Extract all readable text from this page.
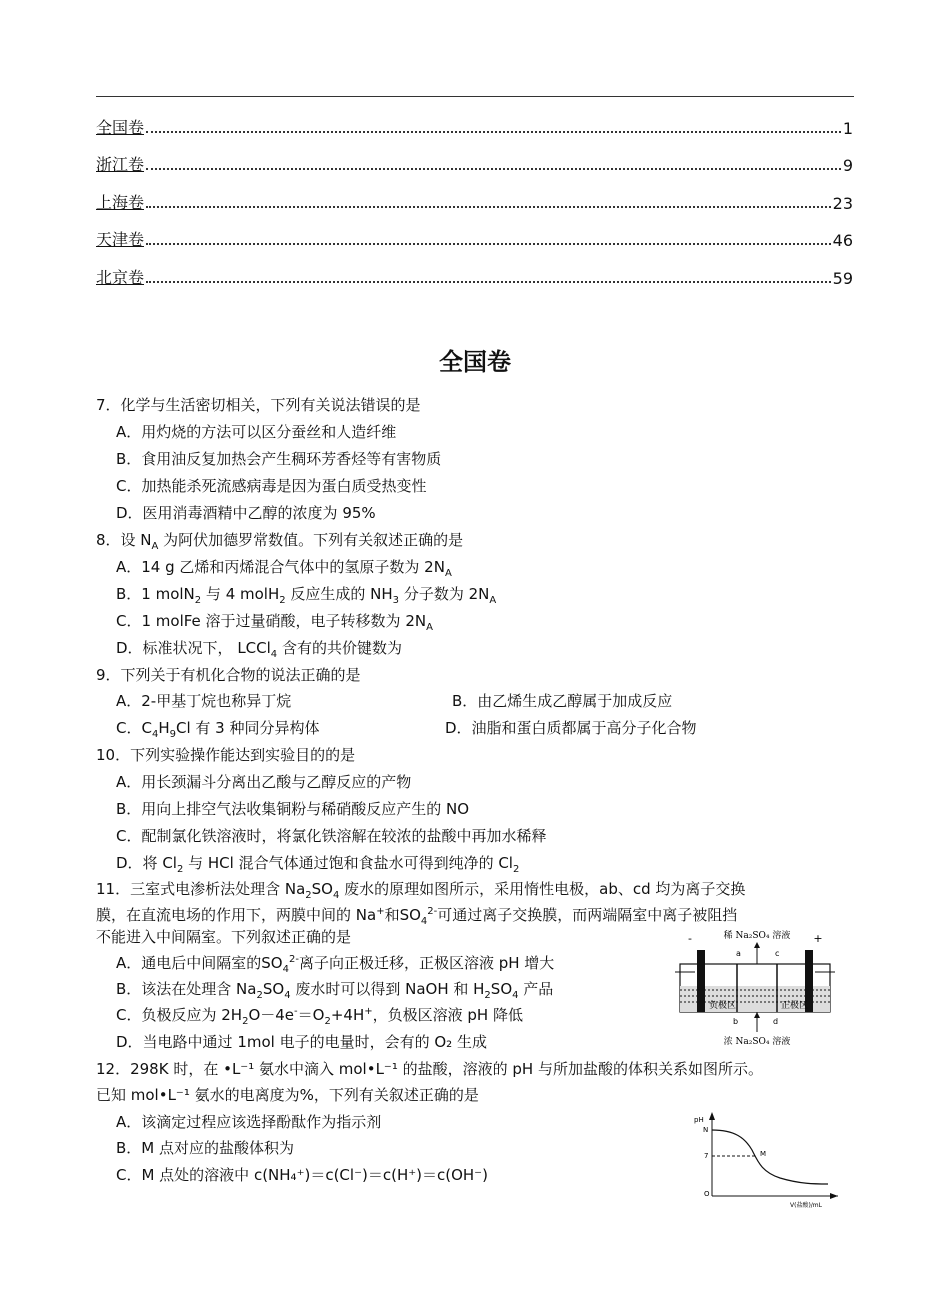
全国卷	1
浙江卷	9
上海卷	23
天津卷	46
北京卷	59
全国卷
7．化学与生活密切相关，下列有关说法错误的是
A．用灼烧的方法可以区分蚕丝和人造纤维
B．食用油反复加热会产生稠环芳香烃等有害物质
C．加热能杀死流感病毒是因为蛋白质受热变性
D．医用消毒酒精中乙醇的浓度为 95%
8．设 $N_A$ 为阿伏加德罗常数值。下列有关叙述正确的是
A．14 g 乙烯和丙烯混合气体中的氢原子数为 $2N_A$
B．1 molN$_2$ 与 4 molH$_2$ 反应生成的 $NH_3$ 分子数为 $2N_A$
C．1 molFe 溶于过量硝酸，电子转移数为 $2N_A$
D．标准状况下， LCCl$_4$ 含有的共价键数为
9．下列关于有机化合物的说法正确的是
A．2-甲基丁烷也称异丁烷	B．由乙烯生成乙醇属于加成反应
C．$C_4H_9Cl$ 有 3 种同分异构体	D．油脂和蛋白质都属于高分子化合物
10．下列实验操作能达到实验目的的是
A．用长颈漏斗分离出乙酸与乙醇反应的产物
B．用向上排空气法收集铜粉与稀硝酸反应产生的 NO
C．配制氯化铁溶液时，将氯化铁溶解在较浓的盐酸中再加水稀释
D．将 $Cl_2$ 与 HCl 混合气体通过饱和食盐水可得到纯净的 $Cl_2$
11．三室式电渗析法处理含 $Na_2SO_4$ 废水的原理如图所示，采用惰性电极，ab、cd 均为离子交换
膜，在直流电场的作用下，两膜中间的 Na+和$SO_4^{2-}$可通过离子交换膜，而两端隔室中离子被阻挡
不能进入中间隔室。下列叙述正确的是
A．通电后中间隔室的$SO_4^{2-}$离子向正极迁移，正极区溶液 pH 增大
B．该法在处理含 $Na_2SO_4$ 废水时可以得到 NaOH 和 $H_2SO_4$ 产品
C．负极反应为 $2H_2O-4e^-=O_2+4H^+$，负极区溶液 pH 降低
D．当电路中通过 1mol 电子的电量时，会有的 O₂ 生成
稀 Na₂SO₄ 溶液
-	+
a	c
负极区	正极区
b	d
浓 Na₂SO₄ 溶液
12．298K 时，在 •L⁻¹ 氨水中滴入 mol•L⁻¹ 的盐酸，溶液的 pH 与所加盐酸的体积关系如图所示。
已知 mol•L⁻¹ 氨水的电离度为%，下列有关叙述正确的是
A．该滴定过程应该选择酚酞作为指示剂
B．M 点对应的盐酸体积为
C．M 点处的溶液中 c(NH₄⁺)＝c(Cl⁻)＝c(H⁺)＝c(OH⁻)
pH
N
7
O
M
V(盐酸)/mL
